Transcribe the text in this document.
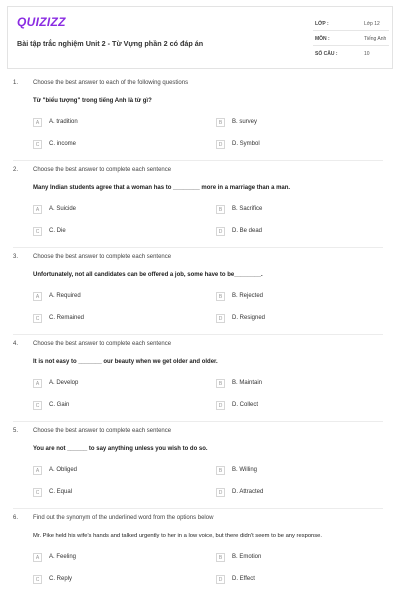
QUIZIZZ
Bài tập trắc nghiệm Unit 2 - Từ Vựng phần 2 có đáp án
LỚP :	Lớp 12
MÔN :	Tiếng Anh
SỐ CÂU :	10
1. Choose the best answer to each of the following questions
Từ "biểu tượng" trong tiếng Anh là từ gì?
A	A. tradition	B	B. survey
C	C. income	D	D. Symbol
2. Choose the best answer to complete each sentence
Many Indian students agree that a woman has to ________ more in a marriage than a man.
A	A. Suicide	B	B. Sacrifice
C	C. Die	D	D. Be dead
3. Choose the best answer to complete each sentence
Unfortunately, not all candidates can be offered a job, some have to be________.
A	A. Required	B	B. Rejected
C	C. Remained	D	D. Resigned
4. Choose the best answer to complete each sentence
It is not easy to _______ our beauty when we get older and older.
A	A. Develop	B	B. Maintain
C	C. Gain	D	D. Collect
5. Choose the best answer to complete each sentence
You are not ______ to say anything unless you wish to do so.
A	A. Obliged	B	B. Willing
C	C. Equal	D	D. Attracted
6. Find out the synonym of the underlined word from the options below
Mr. Pike held his wife's hands and talked urgently to her in a low voice, but there didn't seem to be any response.
A	A. Feeling	B	B. Emotion
C	C. Reply	D	D. Effect
